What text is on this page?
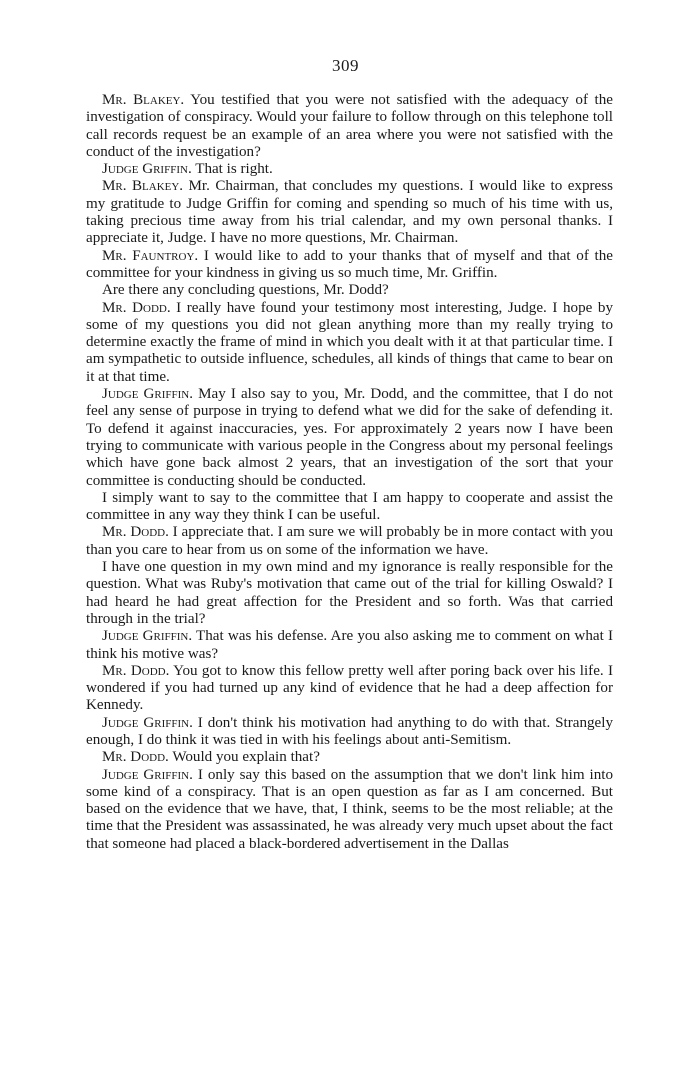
309

Mr. Blakey. You testified that you were not satisfied with the adequacy of the investigation of conspiracy. Would your failure to follow through on this telephone toll call records request be an example of an area where you were not satisfied with the conduct of the investigation?

Judge Griffin. That is right.

Mr. Blakey. Mr. Chairman, that concludes my questions. I would like to express my gratitude to Judge Griffin for coming and spending so much of his time with us, taking precious time away from his trial calendar, and my own personal thanks. I appreciate it, Judge. I have no more questions, Mr. Chairman.

Mr. Fauntroy. I would like to add to your thanks that of myself and that of the committee for your kindness in giving us so much time, Mr. Griffin.

Are there any concluding questions, Mr. Dodd?

Mr. Dodd. I really have found your testimony most interesting, Judge. I hope by some of my questions you did not glean anything more than my really trying to determine exactly the frame of mind in which you dealt with it at that particular time. I am sympathetic to outside influence, schedules, all kinds of things that came to bear on it at that time.

Judge Griffin. May I also say to you, Mr. Dodd, and the committee, that I do not feel any sense of purpose in trying to defend what we did for the sake of defending it. To defend it against inaccuracies, yes. For approximately 2 years now I have been trying to communicate with various people in the Congress about my personal feelings which have gone back almost 2 years, that an investigation of the sort that your committee is conducting should be conducted.

I simply want to say to the committee that I am happy to cooperate and assist the committee in any way they think I can be useful.

Mr. Dodd. I appreciate that. I am sure we will probably be in more contact with you than you care to hear from us on some of the information we have.

I have one question in my own mind and my ignorance is really responsible for the question. What was Ruby's motivation that came out of the trial for killing Oswald? I had heard he had great affection for the President and so forth. Was that carried through in the trial?

Judge Griffin. That was his defense. Are you also asking me to comment on what I think his motive was?

Mr. Dodd. You got to know this fellow pretty well after poring back over his life. I wondered if you had turned up any kind of evidence that he had a deep affection for Kennedy.

Judge Griffin. I don't think his motivation had anything to do with that. Strangely enough, I do think it was tied in with his feelings about anti-Semitism.

Mr. Dodd. Would you explain that?

Judge Griffin. I only say this based on the assumption that we don't link him into some kind of a conspiracy. That is an open question as far as I am concerned. But based on the evidence that we have, that, I think, seems to be the most reliable; at the time that the President was assassinated, he was already very much upset about the fact that someone had placed a black-bordered advertisement in the Dallas
